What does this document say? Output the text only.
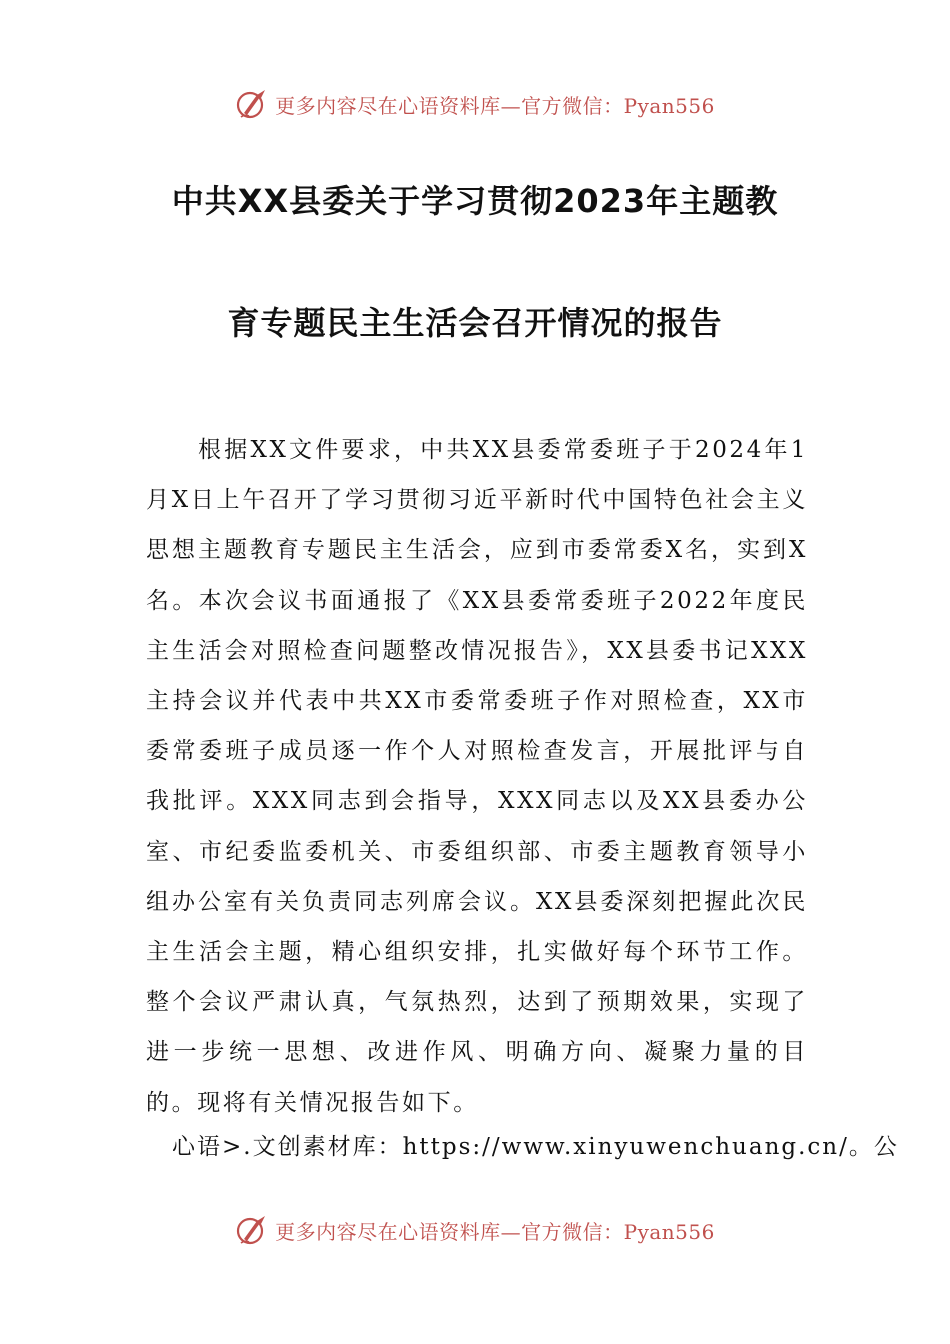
更多内容尽在心语资料库—官方微信：Pyan556
中共XX县委关于学习贯彻2023年主题教
育专题民主生活会召开情况的报告

根据XX文件要求，中共XX县委常委班子于2024年1月X日上午召开了学习贯彻习近平新时代中国特色社会主义思想主题教育专题民主生活会，应到市委常委X名，实到X名。本次会议书面通报了《XX县委常委班子2022年度民主生活会对照检查问题整改情况报告》，XX县委书记XXX主持会议并代表中共XX市委常委班子作对照检查，XX市委常委班子成员逐一作个人对照检查发言，开展批评与自我批评。XXX同志到会指导，XXX同志以及XX县委办公室、市纪委监委机关、市委组织部、市委主题教育领导小组办公室有关负责同志列席会议。XX县委深刻把握此次民主生活会主题，精心组织安排，扎实做好每个环节工作。整个会议严肃认真，气氛热烈，达到了预期效果，实现了进一步统一思想、改进作风、明确方向、凝聚力量的目的。现将有关情况报告如下。

心语>.文创素材库：https://www.xinyuwenchuang.cn/。公

更多内容尽在心语资料库—官方微信：Pyan556
